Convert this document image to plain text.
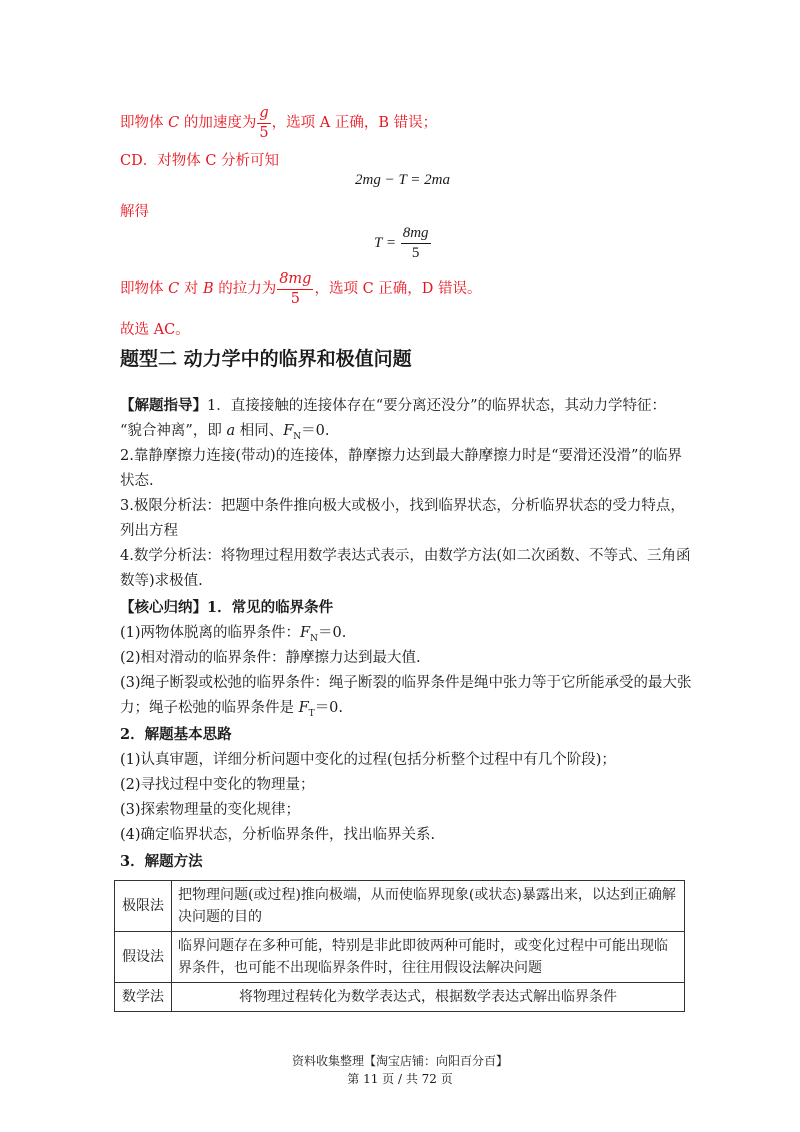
即物体 C 的加速度为 $\frac{g}{5}$ ，选项 A 正确，B 错误；
CD．对物体 C 分析可知
2mg − T = 2ma
解得
$T = \frac{8mg}{5}$
即物体 C 对 B 的拉力为 $\frac{8mg}{5}$ ，选项 C 正确，D 错误。
故选 AC。
题型二 动力学中的临界和极值问题
【解题指导】1．直接接触的连接体存在“要分离还没分”的临界状态，其动力学特征：
“貌合神离”，即 a 相同、$F_N=0$.
2.靠静摩擦力连接(带动)的连接体，静摩擦力达到最大静摩擦力时是“要滑还没滑”的临界
状态.
3.极限分析法：把题中条件推向极大或极小，找到临界状态，分析临界状态的受力特点，
列出方程
4.数学分析法：将物理过程用数学表达式表示，由数学方法(如二次函数、不等式、三角函
数等)求极值.
【核心归纳】1．常见的临界条件
(1)两物体脱离的临界条件：$F_N=0$.
(2)相对滑动的临界条件：静摩擦力达到最大值.
(3)绳子断裂或松弛的临界条件：绳子断裂的临界条件是绳中张力等于它所能承受的最大张
力；绳子松弛的临界条件是 $F_T=0$.
2．解题基本思路
(1)认真审题，详细分析问题中变化的过程(包括分析整个过程中有几个阶段)；
(2)寻找过程中变化的物理量；
(3)探索物理量的变化规律；
(4)确定临界状态，分析临界条件，找出临界关系.
3．解题方法
极限法	把物理问题(或过程)推向极端，从而使临界现象(或状态)暴露出来，以达到正确解决问题的目的
假设法	临界问题存在多种可能，特别是非此即彼两种可能时，或变化过程中可能出现临界条件，也可能不出现临界条件时，往往用假设法解决问题
数学法	将物理过程转化为数学表达式，根据数学表达式解出临界条件
资料收集整理【淘宝店铺：向阳百分百】
第 11 页 / 共 72 页
